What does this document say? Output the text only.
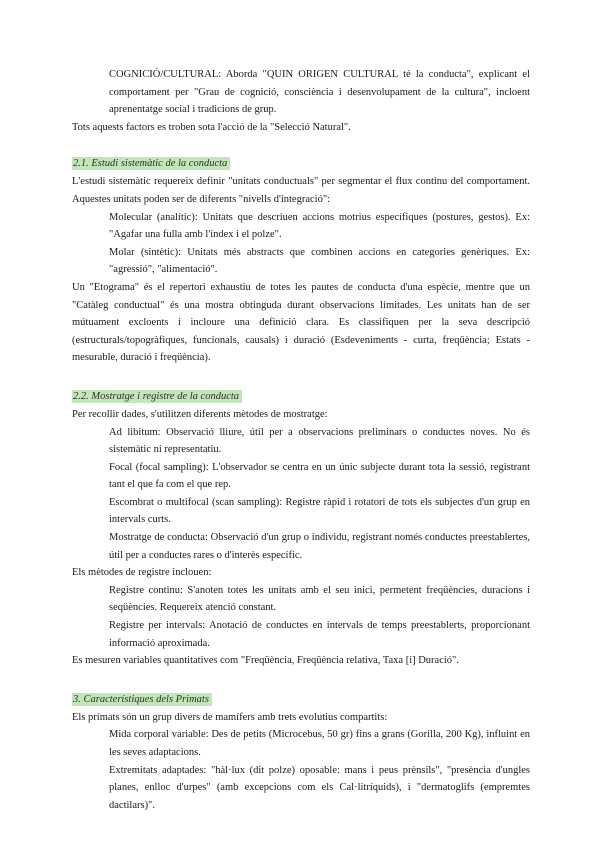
COGNICIÓ/CULTURAL: Aborda "QUIN ORIGEN CULTURAL té la conducta", explicant el comportament per "Grau de cognició, consciència i desenvolupament de la cultura", incloent aprenentatge social i tradicions de grup.

Tots aquests factors es troben sota l'acció de la "Selecció Natural".

2.1. Estudi sistemàtic de la conducta

L'estudi sistemàtic requereix definir "unitats conductuals" per segmentar el flux continu del comportament. Aquestes unitats poden ser de diferents "nivells d'integració":

Molecular (analític): Unitats que descriuen accions motrius específiques (postures, gestos). Ex: "Agafar una fulla amb l'índex i el polze".

Molar (sintètic): Unitats més abstracts que combinen accions en categories genèriques. Ex: "agressió", "alimentació".

Un "Etograma" és el repertori exhaustiu de totes les pautes de conducta d'una espècie, mentre que un "Catàleg conductual" és una mostra obtinguda durant observacions limitades. Les unitats han de ser mútuament excloents i incloure una definició clara. Es classifiquen per la seva descripció (estructurals/topogràfiques, funcionals, causals) i duració (Esdeveniments - curta, freqüència; Estats - mesurable, duració i freqüència).

2.2. Mostratge i registre de la conducta

Per recollir dades, s'utilitzen diferents mètodes de mostratge:

Ad libitum: Observació lliure, útil per a observacions preliminars o conductes noves. No és sistemàtic ni representatiu.

Focal (focal sampling): L'observador se centra en un únic subjecte durant tota la sessió, registrant tant el que fa com el que rep.

Escombrat o multifocal (scan sampling): Registre ràpid i rotatori de tots els subjectes d'un grup en intervals curts.

Mostratge de conducta: Observació d'un grup o individu, registrant només conductes preestablertes, útil per a conductes rares o d'interès específic.

Els mètodes de registre inclouen:

Registre continu: S'anoten totes les unitats amb el seu inici, permetent freqüències, duracions i seqüències. Requereix atenció constant.

Registre per intervals: Anotació de conductes en intervals de temps preestablerts, proporcionant informació aproximada.

Es mesuren variables quantitatives com "Freqüència, Freqüència relativa, Taxa [i] Duració".

3. Característiques dels Primats

Els primats són un grup divers de mamífers amb trets evolutius compartits:

Mida corporal variable: Des de petits (Microcebus, 50 gr) fins a grans (Gorilla, 200 Kg), influint en les seves adaptacions.

Extremitats adaptades: "hàl·lux (dit polze) oposable: mans i peus prènsils", "presència d'ungles planes, enlloc d'urpes" (amb excepcions com els Cal·litríquids), i "dermatoglifs (empremtes dactilars)".
